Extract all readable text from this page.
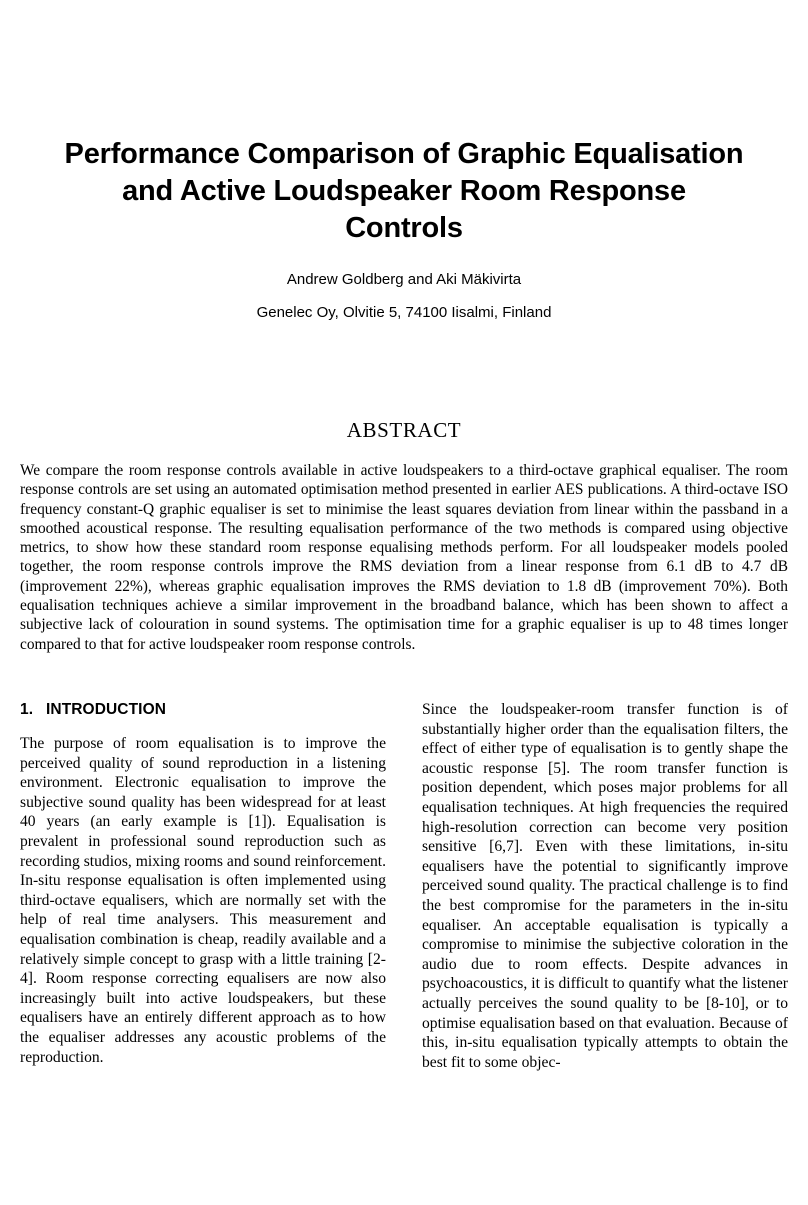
Performance Comparison of Graphic Equalisation and Active Loudspeaker Room Response Controls
Andrew Goldberg and Aki Mäkivirta
Genelec Oy, Olvitie 5, 74100 Iisalmi, Finland
ABSTRACT
We compare the room response controls available in active loudspeakers to a third-octave graphical equaliser. The room response controls are set using an automated optimisation method presented in earlier AES publications. A third-octave ISO frequency constant-Q graphic equaliser is set to minimise the least squares deviation from linear within the passband in a smoothed acoustical response. The resulting equalisation performance of the two methods is compared using objective metrics, to show how these standard room response equalising methods perform. For all loudspeaker models pooled together, the room response controls improve the RMS deviation from a linear response from 6.1 dB to 4.7 dB (improvement 22%), whereas graphic equalisation improves the RMS deviation to 1.8 dB (improvement 70%). Both equalisation techniques achieve a similar improvement in the broadband balance, which has been shown to affect a subjective lack of colouration in sound systems. The optimisation time for a graphic equaliser is up to 48 times longer compared to that for active loudspeaker room response controls.
1. INTRODUCTION

The purpose of room equalisation is to improve the perceived quality of sound reproduction in a listening environment. Electronic equalisation to improve the subjective sound quality has been widespread for at least 40 years (an early example is [1]). Equalisation is prevalent in professional sound reproduction such as recording studios, mixing rooms and sound reinforcement. In-situ response equalisation is often implemented using third-octave equalisers, which are normally set with the help of real time analysers. This measurement and equalisation combination is cheap, readily available and a relatively simple concept to grasp with a little training [2-4]. Room response correcting equalisers are now also increasingly built into active loudspeakers, but these equalisers have an entirely different approach as to how the equaliser addresses any acoustic problems of the reproduction.

Since the loudspeaker-room transfer function is of substantially higher order than the equalisation filters, the effect of either type of equalisation is to gently shape the acoustic response [5]. The room transfer function is position dependent, which poses major problems for all equalisation techniques. At high frequencies the required high-resolution correction can become very position sensitive [6,7]. Even with these limitations, in-situ equalisers have the potential to significantly improve perceived sound quality. The practical challenge is to find the best compromise for the parameters in the in-situ equaliser. An acceptable equalisation is typically a compromise to minimise the subjective coloration in the audio due to room effects. Despite advances in psychoacoustics, it is difficult to quantify what the listener actually perceives the sound quality to be [8-10], or to optimise equalisation based on that evaluation. Because of this, in-situ equalisation typically attempts to obtain the best fit to some objec-
